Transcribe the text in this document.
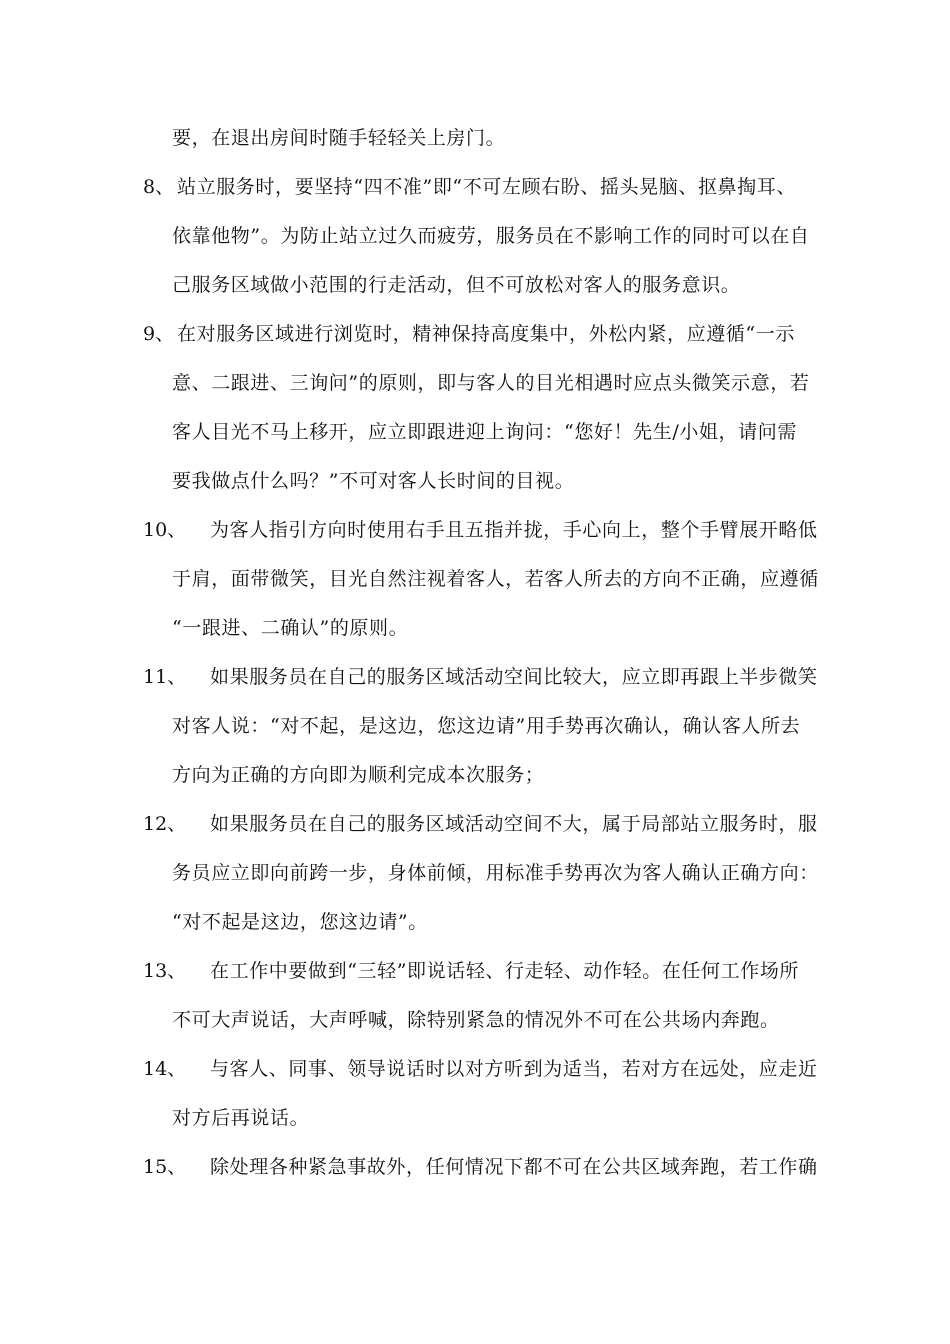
要，在退出房间时随手轻轻关上房门。
8、 站立服务时，要坚持“四不准”即“不可左顾右盼、摇头晃脑、抠鼻掏耳、
依靠他物”。为防止站立过久而疲劳，服务员在不影响工作的同时可以在自
己服务区域做小范围的行走活动，但不可放松对客人的服务意识。
9、 在对服务区域进行浏览时，精神保持高度集中，外松内紧，应遵循“一示
意、二跟进、三询问”的原则，即与客人的目光相遇时应点头微笑示意，若
客人目光不马上移开，应立即跟进迎上询问：“您好！先生/小姐，请问需
要我做点什么吗？”不可对客人长时间的目视。
10、 为客人指引方向时使用右手且五指并拢，手心向上，整个手臂展开略低
于肩，面带微笑，目光自然注视着客人，若客人所去的方向不正确，应遵循
“一跟进、二确认”的原则。
11、 如果服务员在自己的服务区域活动空间比较大，应立即再跟上半步微笑
对客人说：“对不起，是这边，您这边请”用手势再次确认，确认客人所去
方向为正确的方向即为顺利完成本次服务；
12、 如果服务员在自己的服务区域活动空间不大，属于局部站立服务时，服
务员应立即向前跨一步，身体前倾，用标准手势再次为客人确认正确方向：
“对不起是这边，您这边请”。
13、 在工作中要做到“三轻”即说话轻、行走轻、动作轻。在任何工作场所
不可大声说话，大声呼喊，除特别紧急的情况外不可在公共场内奔跑。
14、 与客人、同事、领导说话时以对方听到为适当，若对方在远处，应走近
对方后再说话。
15、 除处理各种紧急事故外，任何情况下都不可在公共区域奔跑，若工作确
